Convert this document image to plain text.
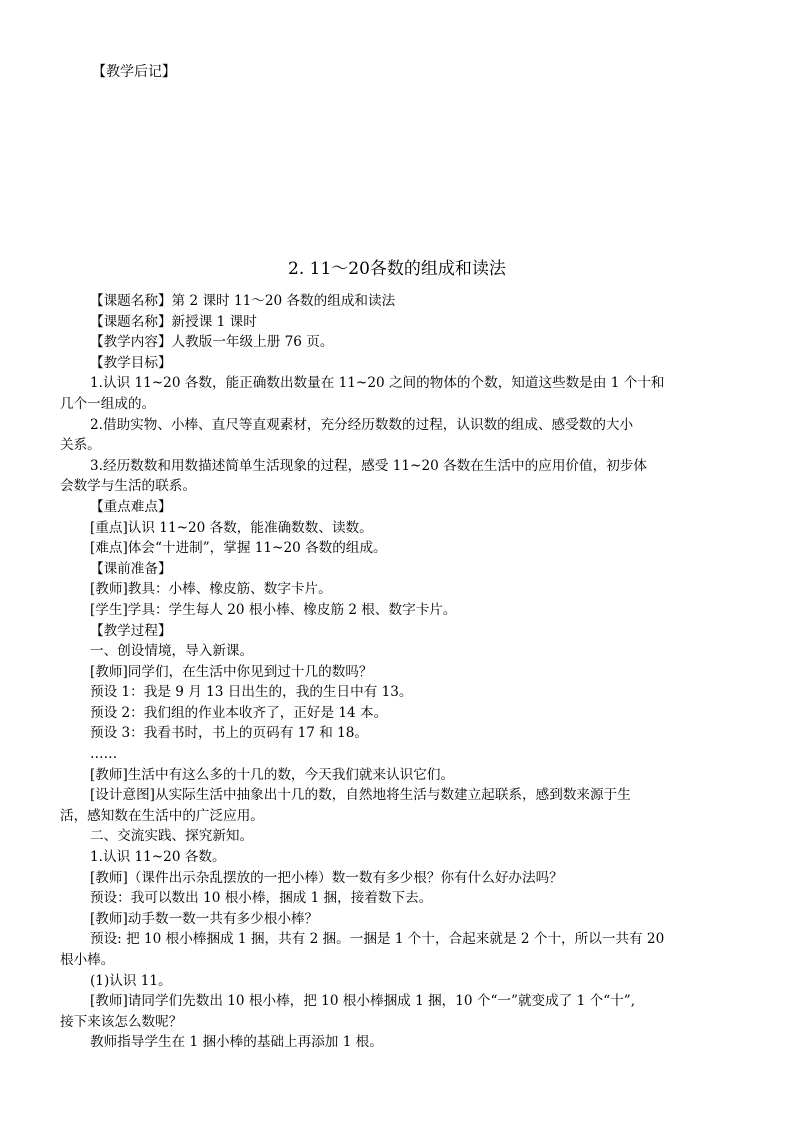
【教学后记】
2. 11～20各数的组成和读法
【课题名称】第 2 课时 11～20 各数的组成和读法
【课题名称】新授课 1 课时
【教学内容】人教版一年级上册 76 页。
【教学目标】
1.认识 11~20 各数，能正确数出数量在 11~20 之间的物体的个数，知道这些数是由 1 个十和
几个一组成的。
2.借助实物、小棒、直尺等直观素材，充分经历数数的过程，认识数的组成、感受数的大小
关系。
3.经历数数和用数描述简单生活现象的过程，感受 11~20 各数在生活中的应用价值，初步体
会数学与生活的联系。
【重点难点】
[重点]认识 11~20 各数，能准确数数、读数。
[难点]体会“十进制”，掌握 11~20 各数的组成。
【课前准备】
[教师]教具：小棒、橡皮筋、数字卡片。
[学生]学具：学生每人 20 根小棒、橡皮筋 2 根、数字卡片。
【教学过程】
一、创设情境，导入新课。
[教师]同学们，在生活中你见到过十几的数吗？
预设 1：我是 9 月 13 日出生的，我的生日中有 13。
预设 2：我们组的作业本收齐了，正好是 14 本。
预设 3：我看书时，书上的页码有 17 和 18。
……
[教师]生活中有这么多的十几的数，今天我们就来认识它们。
[设计意图]从实际生活中抽象出十几的数，自然地将生活与数建立起联系，感到数来源于生
活，感知数在生活中的广泛应用。
二、交流实践、探究新知。
1.认识 11~20 各数。
[教师]（课件出示杂乱摆放的一把小棒）数一数有多少根？你有什么好办法吗？
预设：我可以数出 10 根小棒，捆成 1 捆，接着数下去。
[教师]动手数一数一共有多少根小棒？
预设: 把 10 根小棒捆成 1 捆，共有 2 捆。一捆是 1 个十，合起来就是 2 个十，所以一共有 20
根小棒。
(1)认识 11。
[教师]请同学们先数出 10 根小棒，把 10 根小棒捆成 1 捆，10 个“一”就变成了 1 个“十”,
接下来该怎么数呢？
教师指导学生在 1 捆小棒的基础上再添加 1 根。
